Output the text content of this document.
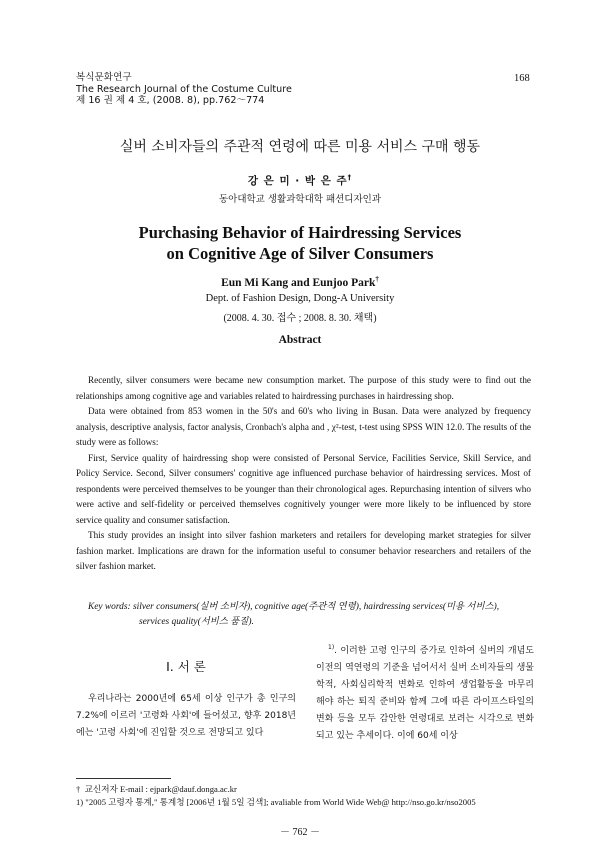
복식문화연구
The Research Journal of the Costume Culture
제 16 권 제 4 호, (2008. 8), pp.762～774
168
실버 소비자들의 주관적 연령에 따른 미용 서비스 구매 행동
강 은 미 · 박 은 주†
동아대학교 생활과학대학 패션디자인과
Purchasing Behavior of Hairdressing Services
on Cognitive Age of Silver Consumers
Eun Mi Kang and Eunjoo Park†
Dept. of Fashion Design, Dong-A University
(2008. 4. 30. 접수 ; 2008. 8. 30. 채택)
Abstract

Recently, silver consumers were became new consumption market. The purpose of this study were to find out the relationships among cognitive age and variables related to hairdressing purchases in hairdressing shop.

Data were obtained from 853 women in the 50's and 60's who living in Busan. Data were analyzed by frequency analysis, descriptive analysis, factor analysis, Cronbach's alpha and , χ²-test, t-test using SPSS WIN 12.0. The results of the study were as follows:

First, Service quality of hairdressing shop were consisted of Personal Service, Facilities Service, Skill Service, and Policy Service. Second, Silver consumers' cognitive age influenced purchase behavior of hairdressing services. Most of respondents were perceived themselves to be younger than their chronological ages. Repurchasing intention of silvers who were active and self-fidelity or perceived themselves cognitively younger were more likely to be influenced by store service quality and consumer satisfaction.

This study provides an insight into silver fashion marketers and retailers for developing market strategies for silver fashion market. Implications are drawn for the information useful to consumer behavior researchers and retailers of the silver fashion market.

Key words: silver consumers(실버 소비자), cognitive age(주관적 연령), hairdressing services(미용 서비스),
services quality(서비스 품질).
Ⅰ. 서 론

우리나라는 2000년에 65세 이상 인구가 총 인구의 7.2%에 이르러 '고령화 사회'에 들어섰고, 향후 2018년에는 '고령 사회'에 진입할 것으로 전망되고 있다

$^{1)}$. 이러한 고령 인구의 증가로 인하여 실버의 개념도 이전의 역연령의 기준을 넘어서서 실버 소비자들의 생물학적, 사회심리학적 변화로 인하여 생업활동을 마무리 해야 하는 퇴직 준비와 함께 그에 따른 라이프스타일의 변화 등을 모두 감안한 연령대로 보려는 시각으로 변화되고 있는 추세이다. 이에 60세 이상

† 교신저자 E-mail : ejpark@dauf.donga.ac.kr
1) "2005 고령자 통계," 통계청 [2006년 1월 5일 검색]; avaliable from World Wide Web@ http://nso.go.kr/nso2005
－ 762 －
